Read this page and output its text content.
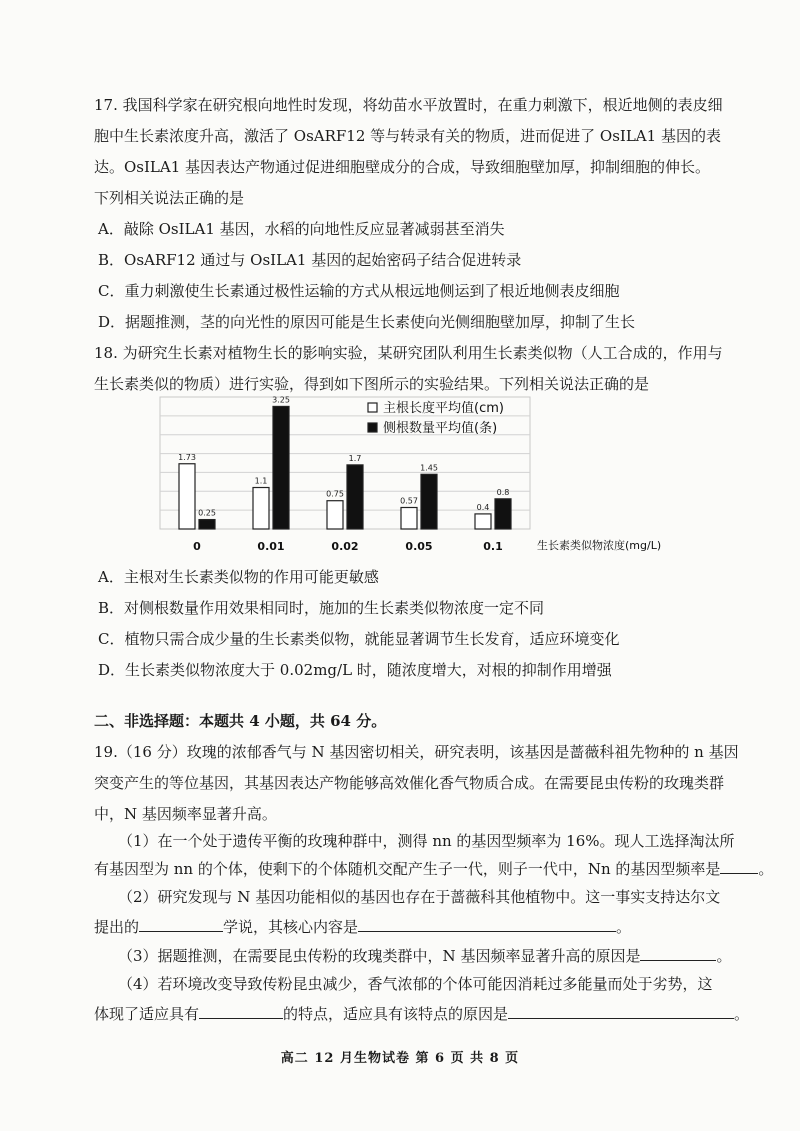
17. 我国科学家在研究根向地性时发现，将幼苗水平放置时，在重力刺激下，根近地侧的表皮细
胞中生长素浓度升高，激活了 OsARF12 等与转录有关的物质，进而促进了 OsILA1 基因的表
达。OsILA1 基因表达产物通过促进细胞壁成分的合成，导致细胞壁加厚，抑制细胞的伸长。
下列相关说法正确的是
A．敲除 OsILA1 基因，水稻的向地性反应显著减弱甚至消失
B．OsARF12 通过与 OsILA1 基因的起始密码子结合促进转录
C．重力刺激使生长素通过极性运输的方式从根远地侧运到了根近地侧表皮细胞
D．据题推测，茎的向光性的原因可能是生长素使向光侧细胞壁加厚，抑制了生长
18. 为研究生长素对植物生长的影响实验，某研究团队利用生长素类似物（人工合成的，作用与
生长素类似的物质）进行实验，得到如下图所示的实验结果。下列相关说法正确的是
1.73
0.25
1.1
3.25
0.75
1.7
0.57
1.45
0.4
0.8
主根长度平均值(cm)
侧根数量平均值(条)
0	0.01	0.02	0.05	0.1	生长素类似物浓度(mg/L)
A．主根对生长素类似物的作用可能更敏感
B．对侧根数量作用效果相同时，施加的生长素类似物浓度一定不同
C．植物只需合成少量的生长素类似物，就能显著调节生长发育，适应环境变化
D．生长素类似物浓度大于 0.02mg/L 时，随浓度增大，对根的抑制作用增强
二、非选择题：本题共 4 小题，共 64 分。
19.（16 分）玫瑰的浓郁香气与 N 基因密切相关，研究表明，该基因是蔷薇科祖先物种的 n 基因
突变产生的等位基因，其基因表达产物能够高效催化香气物质合成。在需要昆虫传粉的玫瑰类群
中，N 基因频率显著升高。
（1）在一个处于遗传平衡的玫瑰种群中，测得 nn 的基因型频率为 16%。现人工选择淘汰所
有基因型为 nn 的个体，使剩下的个体随机交配产生子一代，则子一代中，Nn 的基因型频率是	。
（2）研究发现与 N 基因功能相似的基因也存在于蔷薇科其他植物中。这一事实支持达尔文
提出的	学说，其核心内容是	。
（3）据题推测，在需要昆虫传粉的玫瑰类群中，N 基因频率显著升高的原因是	。
（4）若环境改变导致传粉昆虫减少，香气浓郁的个体可能因消耗过多能量而处于劣势，这
体现了适应具有	的特点，适应具有该特点的原因是	。
高二 12 月生物试卷 第 6 页 共 8 页
